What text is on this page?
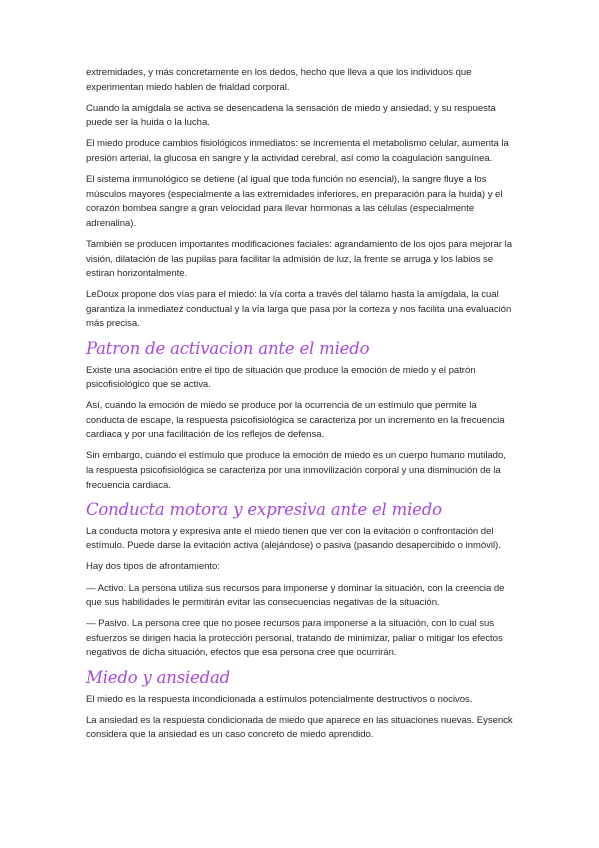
extremidades, y más concretamente en los dedos, hecho que lleva a que los individuos que experimentan miedo hablen de frialdad corporal.

Cuando la amígdala se activa se desencadena la sensación de miedo y ansiedad, y su respuesta puede ser la huida o la lucha.

El miedo produce cambios fisiológicos inmediatos: se incrementa el metabolismo celular, aumenta la presión arterial, la glucosa en sangre y la actividad cerebral, así como la coagulación sanguínea.

El sistema inmunológico se detiene (al igual que toda función no esencial), la sangre fluye a los músculos mayores (especialmente a las extremidades inferiores, en preparación para la huida) y el corazón bombea sangre a gran velocidad para llevar hormonas a las células (especialmente adrenalina).

También se producen importantes modificaciones faciales: agrandamiento de los ojos para mejorar la visión, dilatación de las pupilas para facilitar la admisión de luz, la frente se arruga y los labios se estiran horizontalmente.

LeDoux propone dos vías para el miedo: la vía corta a través del tálamo hasta la amígdala, la cual garantiza la inmediatez conductual y la vía larga que pasa por la corteza y nos facilita una evaluación más precisa.

Patron de activacion ante el miedo

Existe una asociación entre el tipo de situación que produce la emoción de miedo y el patrón psicofisiológico que se activa.

Así, cuando la emoción de miedo se produce por la ocurrencia de un estímulo que permite la conducta de escape, la respuesta psicofisiológica se caracteriza por un incremento en la frecuencia cardiaca y por una facilitación de los reflejos de defensa.

Sin embargo, cuando el estímulo que produce la emoción de miedo es un cuerpo humano mutilado, la respuesta psicofisiológica se caracteriza por una inmovilización corporal y una disminución de la frecuencia cardiaca.

Conducta motora y expresiva ante el miedo

La conducta motora y expresiva ante el miedo tienen que ver con la evitación o confrontación del estímulo. Puede darse la evitación activa (alejándose) o pasiva (pasando desapercibido o inmóvil).

Hay dos tipos de afrontamiento:

— Activo. La persona utiliza sus recursos para imponerse y dominar la situación, con la creencia de que sus habilidades le permitirán evitar las consecuencias negativas de la situación.

— Pasivo. La persona cree que no posee recursos para imponerse a la situación, con lo cual sus esfuerzos se dirigen hacia la protección personal, tratando de minimizar, paliar o mitigar los efectos negativos de dicha situación, efectos que esa persona cree que ocurrirán.

Miedo y ansiedad

El miedo es la respuesta incondicionada a estímulos potencialmente destructivos o nocivos.

La ansiedad es la respuesta condicionada de miedo que aparece en las situaciones nuevas. Eysenck considera que la ansiedad es un caso concreto de miedo aprendido.
